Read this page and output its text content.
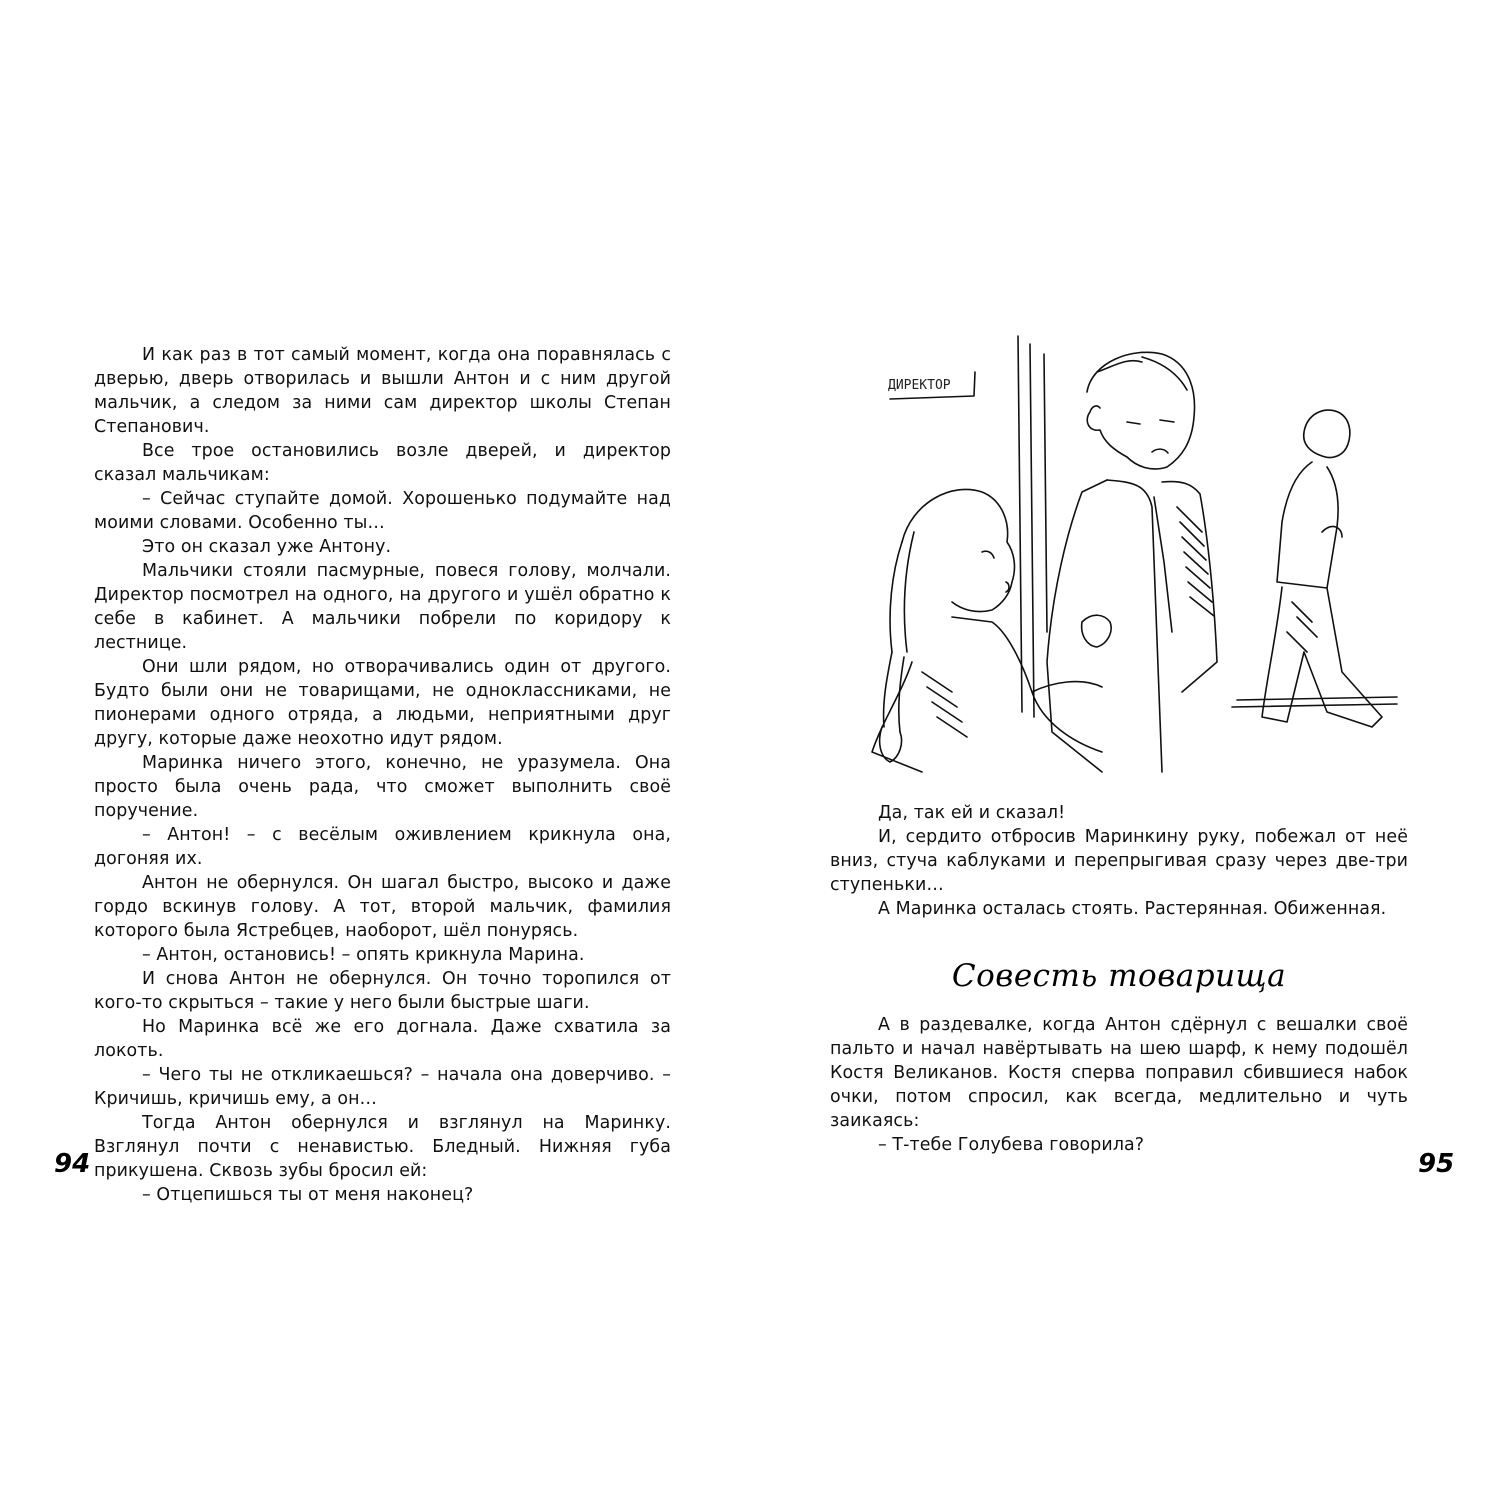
И как раз в тот самый момент, когда она поравнялась с дверью, дверь отворилась и вышли Антон и с ним другой мальчик, а следом за ними сам директор школы Степан Степанович.

Все трое остановились возле дверей, и директор сказал мальчикам:

– Сейчас ступайте домой. Хорошенько подумайте над моими словами. Особенно ты…

Это он сказал уже Антону.

Мальчики стояли пасмурные, повеся голову, молчали. Директор посмотрел на одного, на другого и ушёл обратно к себе в кабинет. А мальчики побрели по коридору к лестнице.

Они шли рядом, но отворачивались один от другого. Будто были они не товарищами, не одноклассниками, не пионерами одного отряда, а людьми, неприятными друг другу, которые даже неохотно идут рядом.

Маринка ничего этого, конечно, не уразумела. Она просто была очень рада, что сможет выполнить своё поручение.

– Антон! – с весёлым оживлением крикнула она, догоняя их.

Антон не обернулся. Он шагал быстро, высоко и даже гордо вскинув голову. А тот, второй мальчик, фамилия которого была Ястребцев, наоборот, шёл понурясь.

– Антон, остановись! – опять крикнула Марина.

И снова Антон не обернулся. Он точно торопился от кого-то скрыться – такие у него были быстрые шаги.

Но Маринка всё же его догнала. Даже схватила за локоть.

– Чего ты не откликаешься? – начала она доверчиво. – Кричишь, кричишь ему, а он…

Тогда Антон обернулся и взглянул на Маринку. Взглянул почти с ненавистью. Бледный. Нижняя губа прикушена. Сквозь зубы бросил ей:

– Отцепишься ты от меня наконец?

94
ДИРЕКТОР

Да, так ей и сказал!

И, сердито отбросив Маринкину руку, побежал от неё вниз, стуча каблуками и перепрыгивая сразу через две-три ступеньки…

А Маринка осталась стоять. Растерянная. Обиженная.

Совесть товарища

А в раздевалке, когда Антон сдёрнул с вешалки своё пальто и начал навёртывать на шею шарф, к нему подошёл Костя Великанов. Костя сперва поправил сбившиеся набок очки, потом спросил, как всегда, медлительно и чуть заикаясь:

– Т-тебе Голубева говорила?

95
